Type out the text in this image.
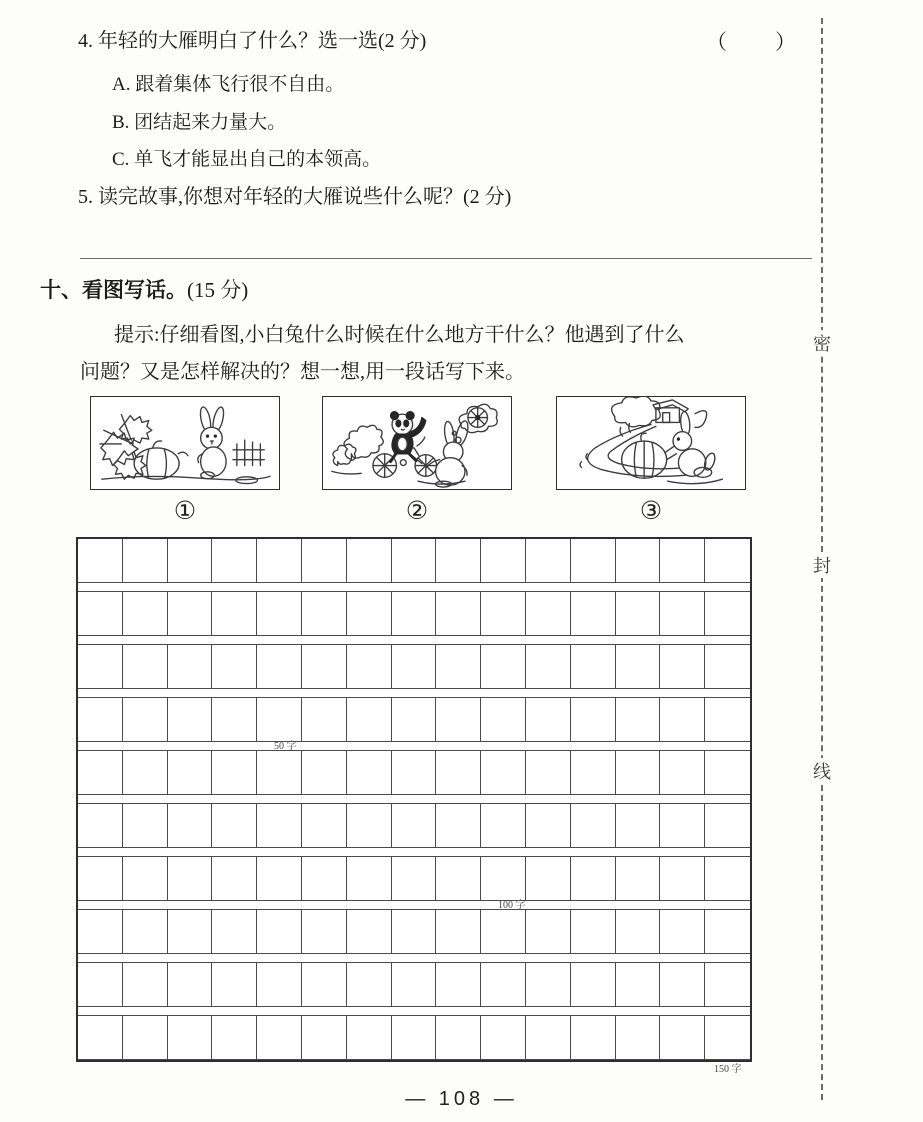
4. 年轻的大雁明白了什么？选一选(2 分)	（　　）
A. 跟着集体飞行很不自由。
B. 团结起来力量大。
C. 单飞才能显出自己的本领高。
5. 读完故事,你想对年轻的大雁说些什么呢？(2 分)
十、看图写话。(15 分)
提示:仔细看图,小白兔什么时候在什么地方干什么？他遇到了什么
问题？又是怎样解决的？想一想,用一段话写下来。
①	②	③
50 字
100 字
150 字
密
封
线
— 108 —
